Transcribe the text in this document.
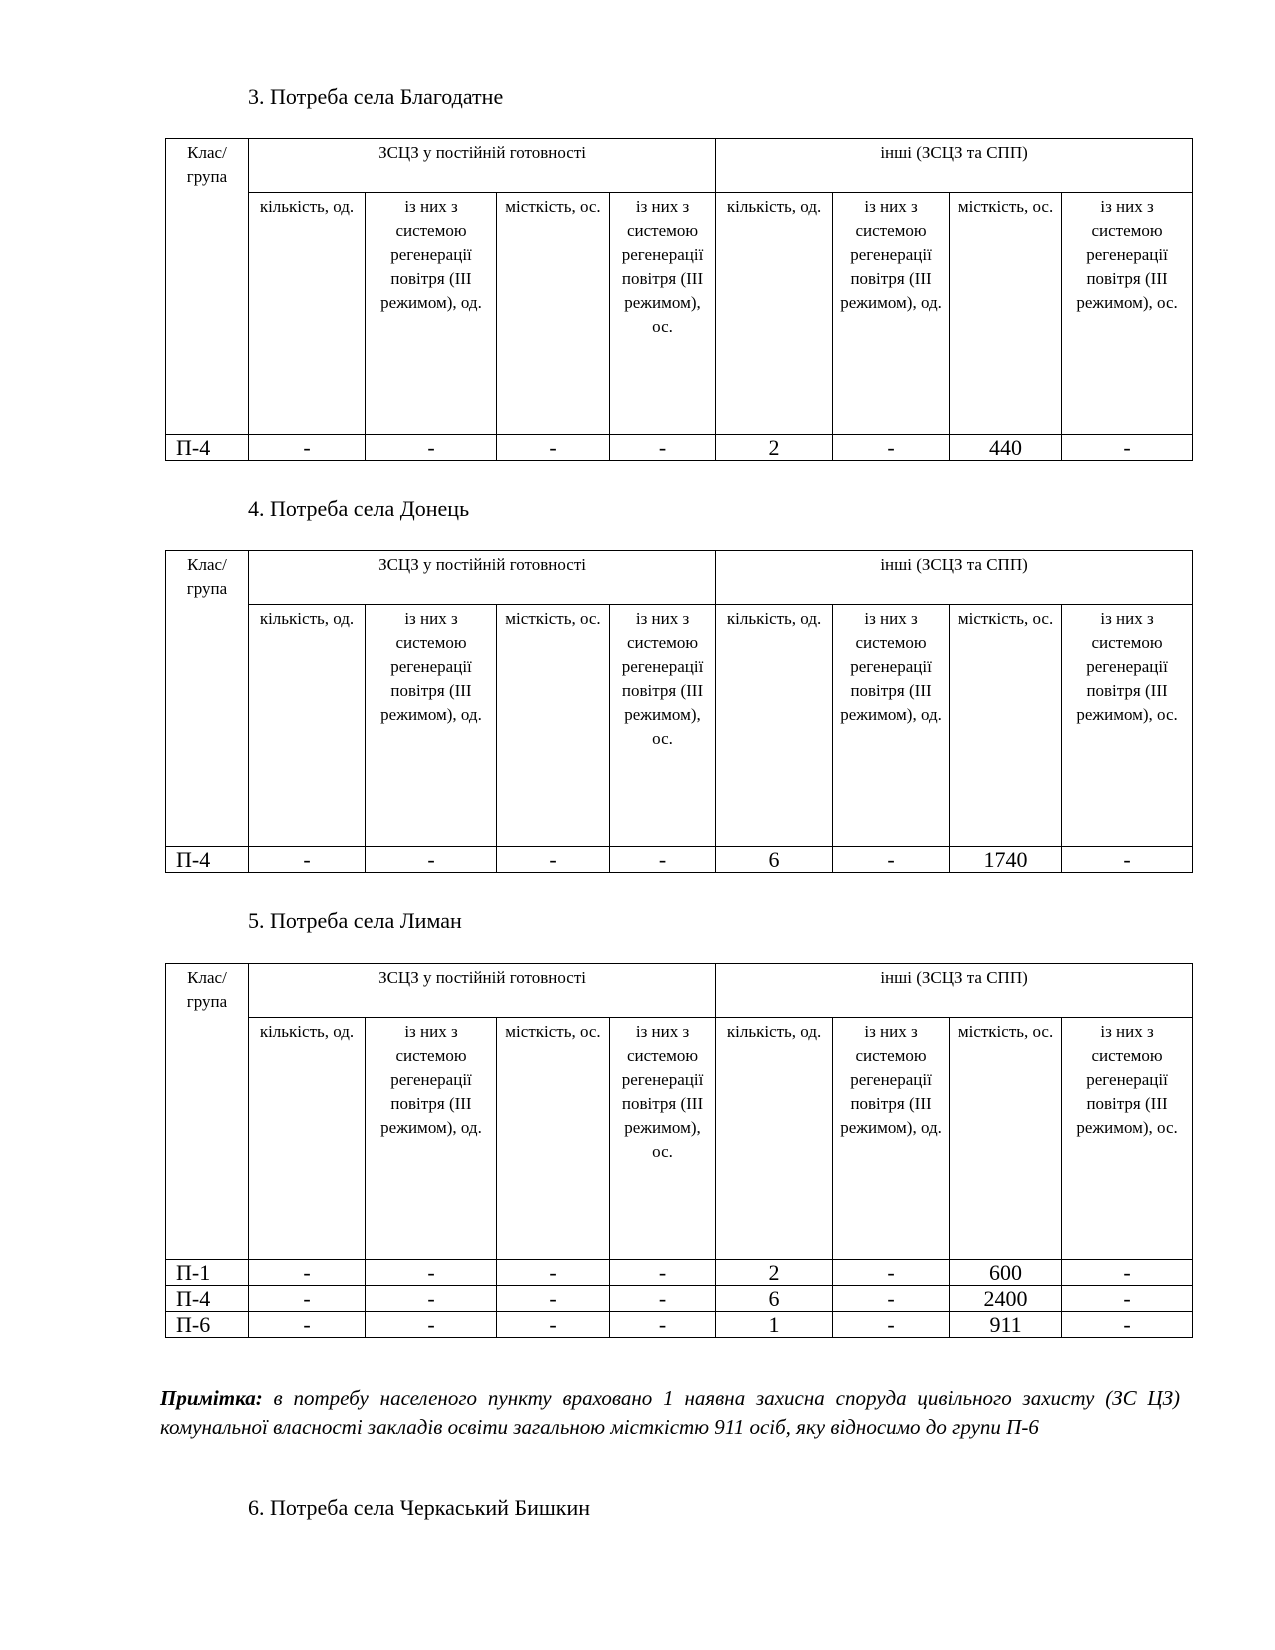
3. Потреба села Благодатне
Клас/група	ЗСЦЗ у постійній готовності				інші (ЗСЦЗ та СПП)			
	кількість, од.	із них з системою регенерації повітря (ІІІ режимом), од.	місткість, ос.	із них з системою регенерації повітря (ІІІ режимом), ос.	кількість, од.	із них з системою регенерації повітря (ІІІ режимом), од.	місткість, ос.	із них з системою регенерації повітря (ІІІ режимом), ос.
П-4	-	-	-	-	2	-	440	-
4. Потреба села Донець
Клас/група	ЗСЦЗ у постійній готовності				інші (ЗСЦЗ та СПП)			
	кількість, од.	із них з системою регенерації повітря (ІІІ режимом), од.	місткість, ос.	із них з системою регенерації повітря (ІІІ режимом), ос.	кількість, од.	із них з системою регенерації повітря (ІІІ режимом), од.	місткість, ос.	із них з системою регенерації повітря (ІІІ режимом), ос.
П-4	-	-	-	-	6	-	1740	-
5. Потреба села Лиман
Клас/група	ЗСЦЗ у постійній готовності				інші (ЗСЦЗ та СПП)			
	кількість, од.	із них з системою регенерації повітря (ІІІ режимом), од.	місткість, ос.	із них з системою регенерації повітря (ІІІ режимом), ос.	кількість, од.	із них з системою регенерації повітря (ІІІ режимом), од.	місткість, ос.	із них з системою регенерації повітря (ІІІ режимом), ос.
П-1	-	-	-	-	2	-	600	-
П-4	-	-	-	-	6	-	2400	-
П-6	-	-	-	-	1	-	911	-
Примітка: в потребу населеного пункту враховано 1 наявна захисна споруда цивільного захисту (ЗС ЦЗ) комунальної власності закладів освіти загальною місткістю 911 осіб, яку відносимо до групи П-6
6. Потреба села Черкаський Бишкин
